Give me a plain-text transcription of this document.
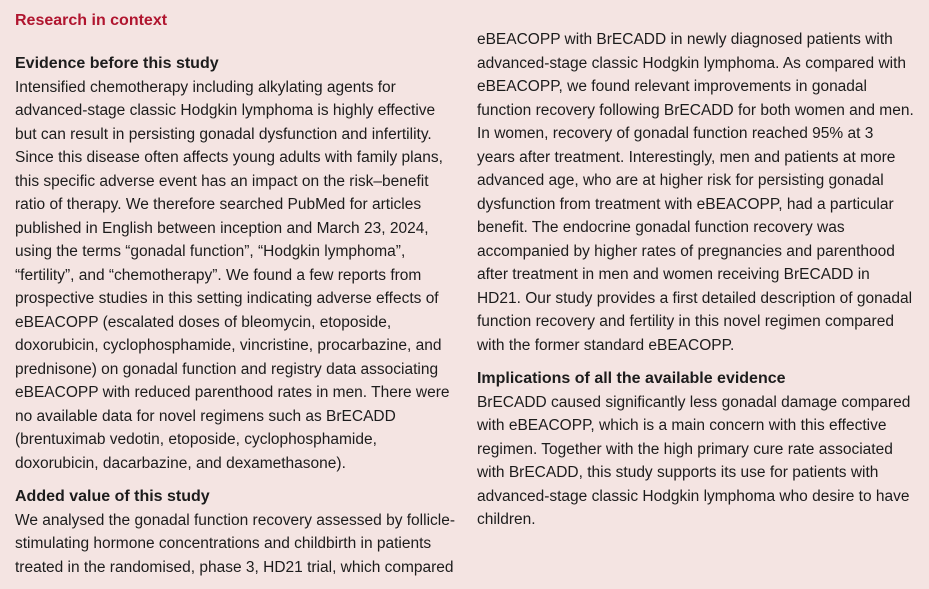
Research in context

Evidence before this study

Intensified chemotherapy including alkylating agents for advanced-stage classic Hodgkin lymphoma is highly effective but can result in persisting gonadal dysfunction and infertility. Since this disease often affects young adults with family plans, this specific adverse event has an impact on the risk–benefit ratio of therapy. We therefore searched PubMed for articles published in English between inception and March 23, 2024, using the terms “gonadal function”, “Hodgkin lymphoma”, “fertility”, and “chemotherapy”. We found a few reports from prospective studies in this setting indicating adverse effects of eBEACOPP (escalated doses of bleomycin, etoposide, doxorubicin, cyclophosphamide, vincristine, procarbazine, and prednisone) on gonadal function and registry data associating eBEACOPP with reduced parenthood rates in men. There were no available data for novel regimens such as BrECADD (brentuximab vedotin, etoposide, cyclophosphamide, doxorubicin, dacarbazine, and dexamethasone).

Added value of this study

We analysed the gonadal function recovery assessed by follicle-stimulating hormone concentrations and childbirth in patients treated in the randomised, phase 3, HD21 trial, which compared

eBEACOPP with BrECADD in newly diagnosed patients with advanced-stage classic Hodgkin lymphoma. As compared with eBEACOPP, we found relevant improvements in gonadal function recovery following BrECADD for both women and men. In women, recovery of gonadal function reached 95% at 3 years after treatment. Interestingly, men and patients at more advanced age, who are at higher risk for persisting gonadal dysfunction from treatment with eBEACOPP, had a particular benefit. The endocrine gonadal function recovery was accompanied by higher rates of pregnancies and parenthood after treatment in men and women receiving BrECADD in HD21. Our study provides a first detailed description of gonadal function recovery and fertility in this novel regimen compared with the former standard eBEACOPP.

Implications of all the available evidence

BrECADD caused significantly less gonadal damage compared with eBEACOPP, which is a main concern with this effective regimen. Together with the high primary cure rate associated with BrECADD, this study supports its use for patients with advanced-stage classic Hodgkin lymphoma who desire to have children.
